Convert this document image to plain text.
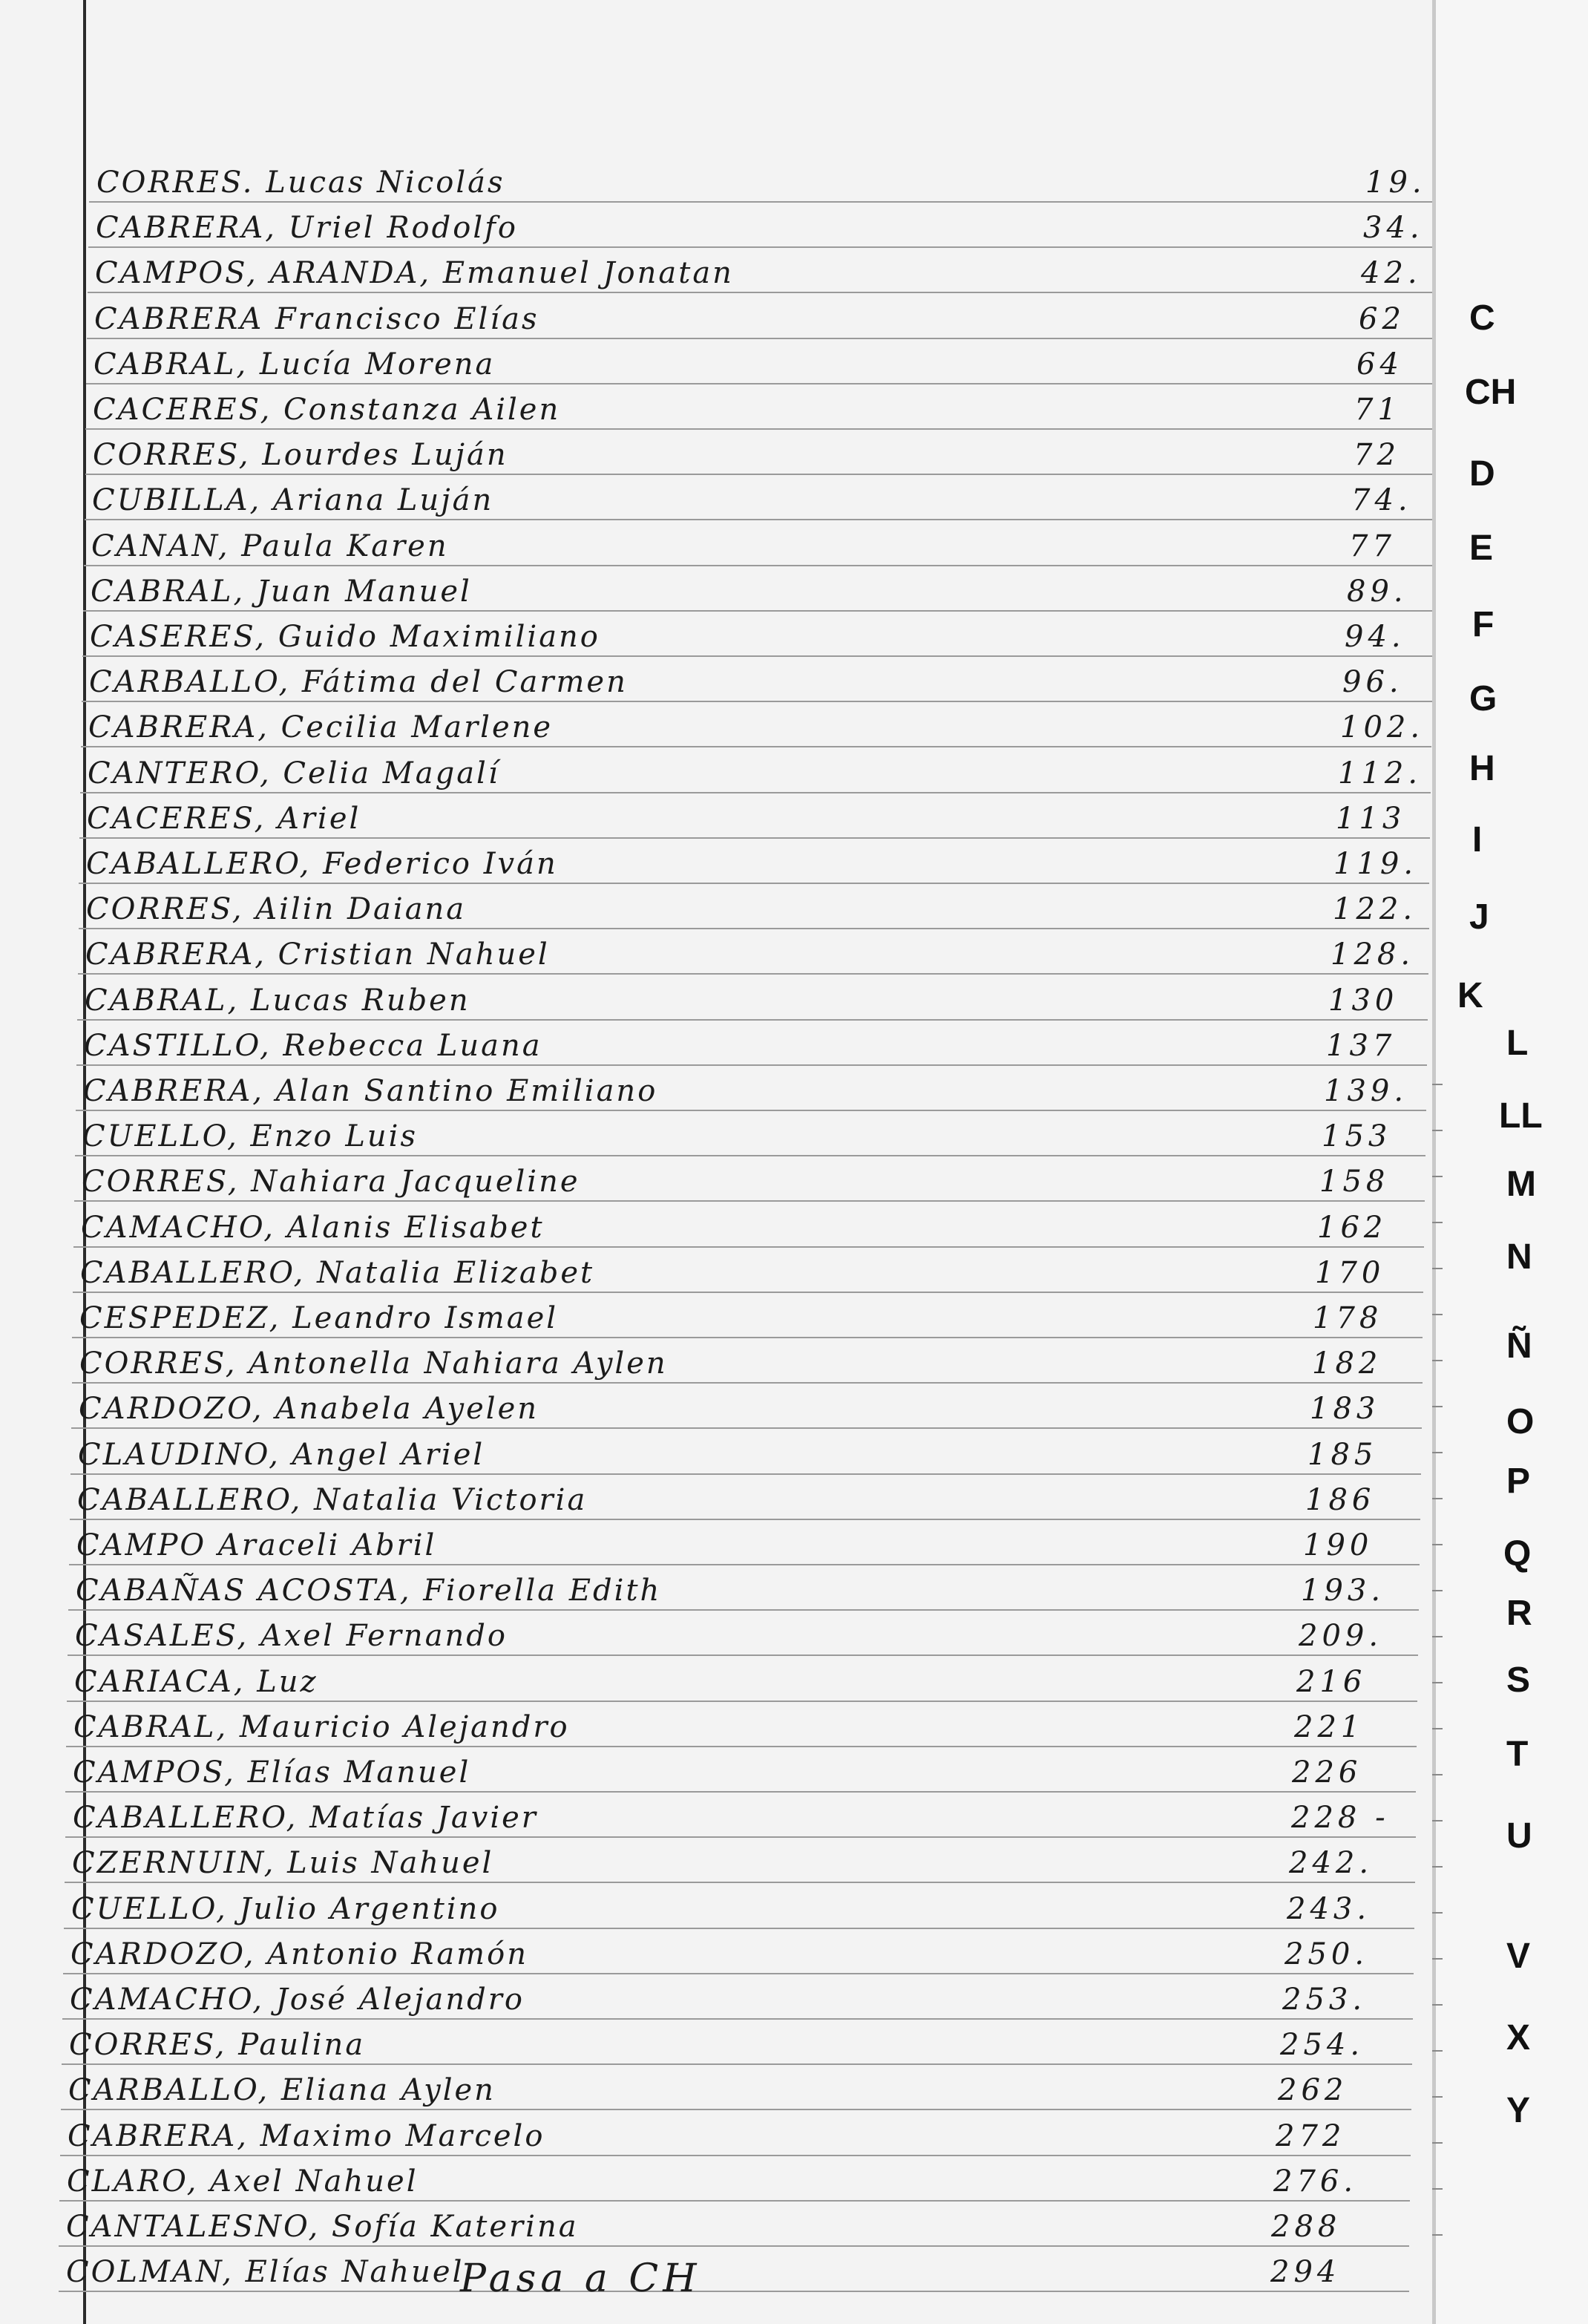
CORRES. Lucas Nicolás	19.
CABRERA, Uriel Rodolfo	34.
CAMPOS, ARANDA, Emanuel Jonatan	42.
CABRERA Francisco Elías	62
CABRAL, Lucía Morena	64
CACERES, Constanza Ailen	71
CORRES, Lourdes Luján	72
CUBILLA, Ariana Luján	74.
CANAN, Paula Karen	77
CABRAL, Juan Manuel	89.
CASERES, Guido Maximiliano	94.
CARBALLO, Fátima del Carmen	96.
CABRERA, Cecilia Marlene	102.
CANTERO, Celia Magalí	112.
CACERES, Ariel	113
CABALLERO, Federico Iván	119.
CORRES, Ailin Daiana	122.
CABRERA, Cristian Nahuel	128.
CABRAL, Lucas Ruben	130
CASTILLO, Rebecca Luana	137
CABRERA, Alan Santino Emiliano	139.
CUELLO, Enzo Luis	153
CORRES, Nahiara Jacqueline	158
CAMACHO, Alanis Elisabet	162
CABALLERO, Natalia Elizabet	170
CESPEDEZ, Leandro Ismael	178
CORRES, Antonella Nahiara Aylen	182
CARDOZO, Anabela Ayelen	183
CLAUDINO, Angel Ariel	185
CABALLERO, Natalia Victoria	186
CAMPO Araceli Abril	190
CABAÑAS ACOSTA, Fiorella Edith	193.
CASALES, Axel Fernando	209.
CARIACA, Luz	216
CABRAL, Mauricio Alejandro	221
CAMPOS, Elías Manuel	226
CABALLERO, Matías Javier	228 -
CZERNUIN, Luis Nahuel	242.
CUELLO, Julio Argentino	243.
CARDOZO, Antonio Ramón	250.
CAMACHO, José Alejandro	253.
CORRES, Paulina	254.
CARBALLO, Eliana Aylen	262
CABRERA, Maximo Marcelo	272
CLARO, Axel Nahuel	276.
CANTALESNO, Sofía Katerina	288
COLMAN, Elías Nahuel	294
Pasa a CH
C
CH
D
E
F
G
H
I
J
K
L
LL
M
N
Ñ
O
P
Q
R
S
T
U
V
X
Y
